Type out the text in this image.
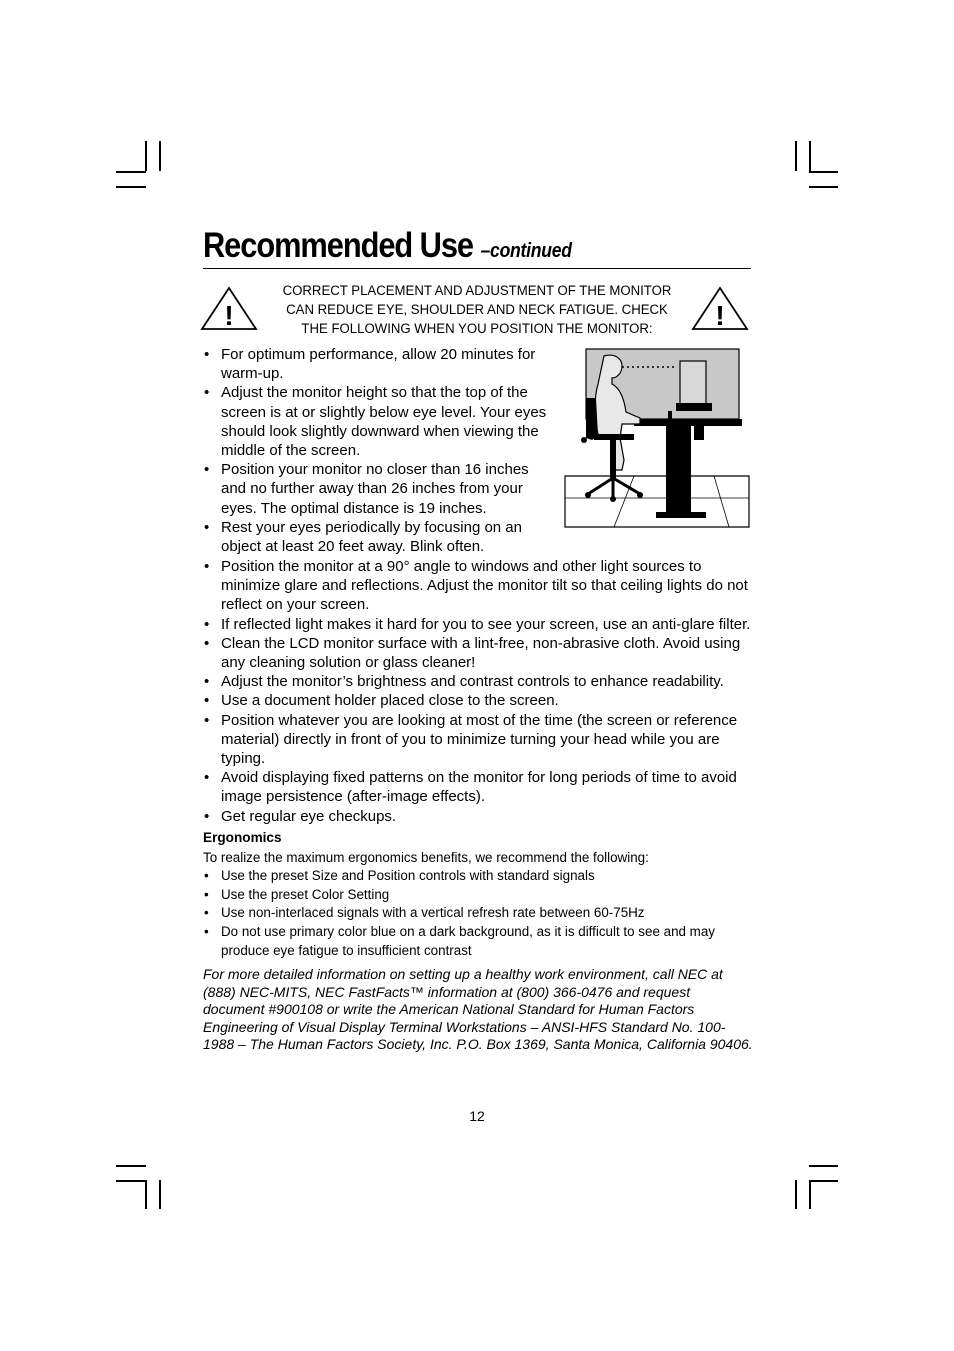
Recommended Use –continued
!	!
CORRECT PLACEMENT AND ADJUSTMENT OF THE MONITOR CAN REDUCE EYE, SHOULDER AND NECK FATIGUE. CHECK THE FOLLOWING WHEN YOU POSITION THE MONITOR:
• For optimum performance, allow 20 minutes for warm-up.
• Adjust the monitor height so that the top of the screen is at or slightly below eye level. Your eyes should look slightly downward when viewing the middle of the screen.
• Position your monitor no closer than 16 inches and no further away than 26 inches from your eyes. The optimal distance is 19 inches.
• Rest your eyes periodically by focusing on an object at least 20 feet away. Blink often.
• Position the monitor at a 90° angle to windows and other light sources to minimize glare and reflections. Adjust the monitor tilt so that ceiling lights do not reflect on your screen.
• If reflected light makes it hard for you to see your screen, use an anti-glare filter.
• Clean the LCD monitor surface with a lint-free, non-abrasive cloth. Avoid using any cleaning solution or glass cleaner!
• Adjust the monitor’s brightness and contrast controls to enhance readability.
• Use a document holder placed close to the screen.
• Position whatever you are looking at most of the time (the screen or reference material) directly in front of you to minimize turning your head while you are typing.
• Avoid displaying fixed patterns on the monitor for long periods of time to avoid image persistence (after-image effects).
• Get regular eye checkups.
Ergonomics
To realize the maximum ergonomics benefits, we recommend the following:
• Use the preset Size and Position controls with standard signals
• Use the preset Color Setting
• Use non-interlaced signals with a vertical refresh rate between 60-75Hz
• Do not use primary color blue on a dark background, as it is difficult to see and may produce eye fatigue to insufficient contrast
For more detailed information on setting up a healthy work environment, call NEC at (888) NEC-MITS, NEC FastFacts™ information at (800) 366-0476 and request document #900108 or write the American National Standard for Human Factors Engineering of Visual Display Terminal Workstations – ANSI-HFS Standard No. 100-1988 – The Human Factors Society, Inc. P.O. Box 1369, Santa Monica, California 90406.
12
